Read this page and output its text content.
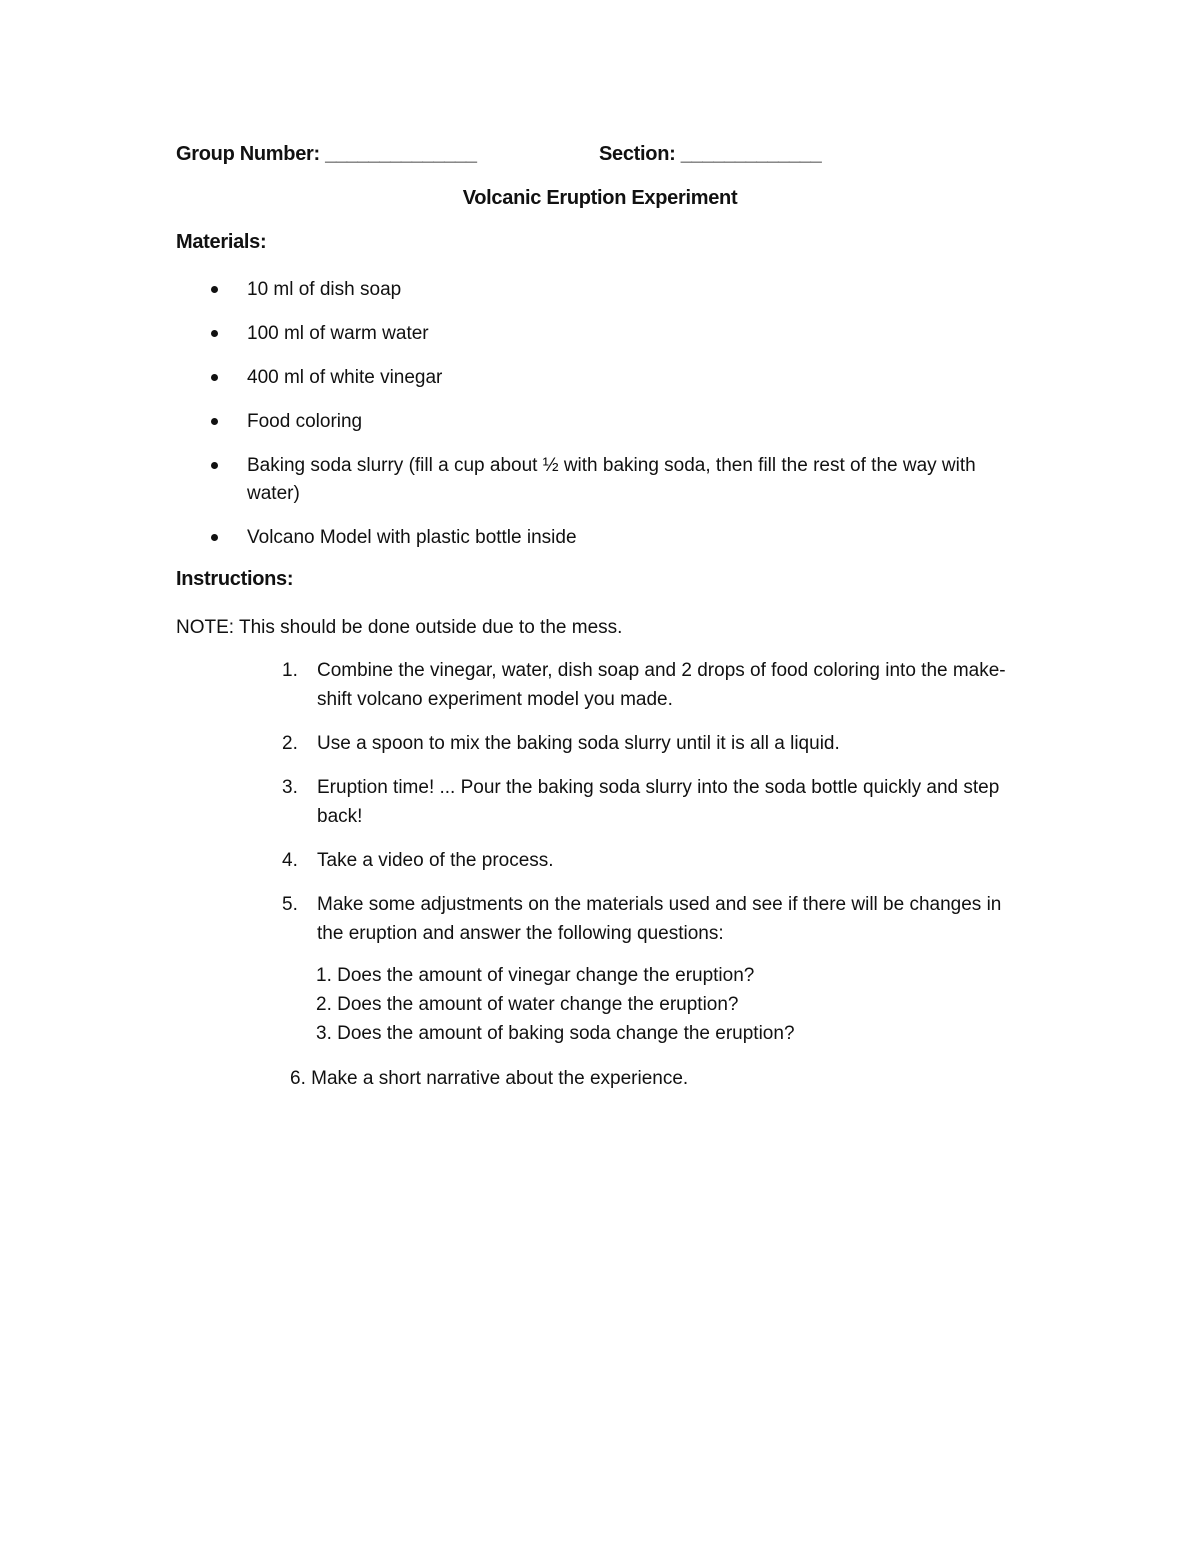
Group Number: ______________	Section: _____________
Volcanic Eruption Experiment
Materials:
10 ml of dish soap
100 ml of warm water
400 ml of white vinegar
Food coloring
Baking soda slurry (fill a cup about ½ with baking soda, then fill the rest of the way with water)
Volcano Model with plastic bottle inside
Instructions:
NOTE: This should be done outside due to the mess.
1. Combine the vinegar, water, dish soap and 2 drops of food coloring into the make-shift volcano experiment model you made.
2. Use a spoon to mix the baking soda slurry until it is all a liquid.
3. Eruption time! ... Pour the baking soda slurry into the soda bottle quickly and step back!
4. Take a video of the process.
5. Make some adjustments on the materials used and see if there will be changes in the eruption and answer the following questions:
1. Does the amount of vinegar change the eruption?
2. Does the amount of water change the eruption?
3. Does the amount of baking soda change the eruption?
6. Make a short narrative about the experience.
